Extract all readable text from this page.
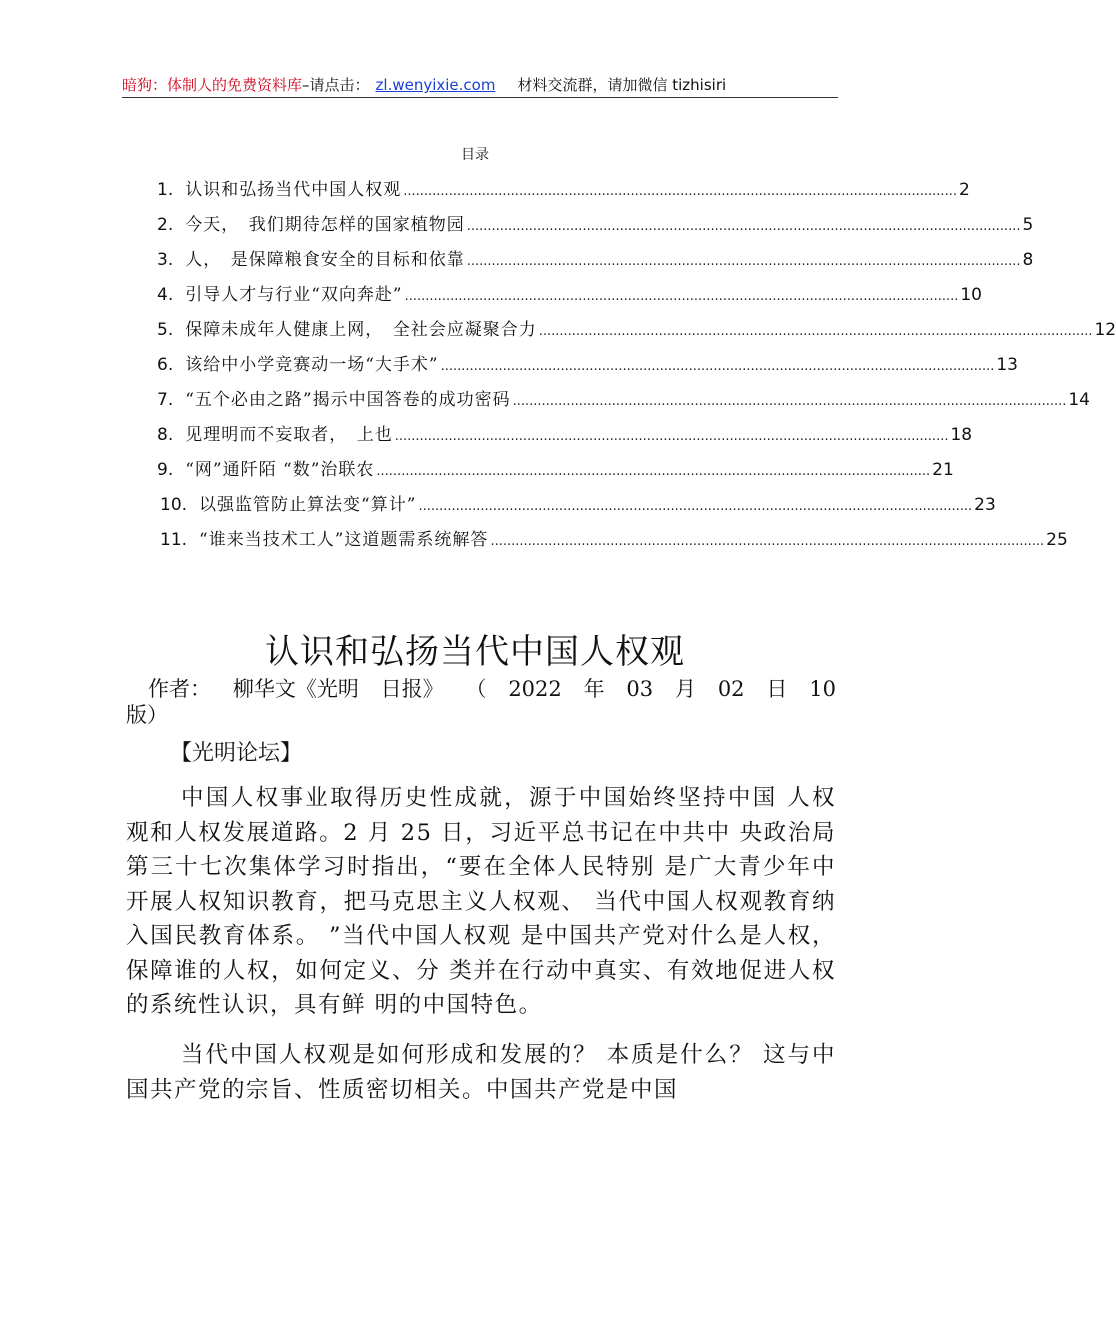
暗狗：体制人的免费资料库–请点击： zl.wenyixie.com 材料交流群，请加微信 tizhisiri
目录
1. 认识和弘扬当代中国人权观 ...................................................................................................................................... 2
2. 今天，　我们期待怎样的国家植物园 ...................................................................................................................................... 5
3. 人，　是保障粮食安全的目标和依靠 ...................................................................................................................................... 8
4. 引导人才与行业“双向奔赴” ...................................................................................................................................... 10
5. 保障未成年人健康上网，　全社会应凝聚合力 ...................................................................................................................................... 12
6. 该给中小学竞赛动一场“大手术” ...................................................................................................................................... 13
7. “五个必由之路”揭示中国答卷的成功密码 ...................................................................................................................................... 14
8. 见理明而不妄取者，　上也 ...................................................................................................................................... 18
9. “网”通阡陌 “数”治联农 ...................................................................................................................................... 21
10. 以强监管防止算法变“算计” ...................................................................................................................................... 23
11. “谁来当技术工人”这道题需系统解答 ...................................................................................................................................... 25
认识和弘扬当代中国人权观
作者： 柳华文《光明 日报》 （ 2022 年 03 月 02 日 10
版）
【光明论坛】
中国人权事业取得历史性成就，源于中国始终坚持中国 人权观和人权发展道路。2 月 25 日，习近平总书记在中共中 央政治局第三十七次集体学习时指出，“要在全体人民特别 是广大青少年中开展人权知识教育，把马克思主义人权观、 当代中国人权观教育纳入国民教育体系。 ”当代中国人权观 是中国共产党对什么是人权，保障谁的人权，如何定义、分 类并在行动中真实、有效地促进人权的系统性认识，具有鲜 明的中国特色。
当代中国人权观是如何形成和发展的？ 本质是什么？ 这与中国共产党的宗旨、性质密切相关。中国共产党是中国
